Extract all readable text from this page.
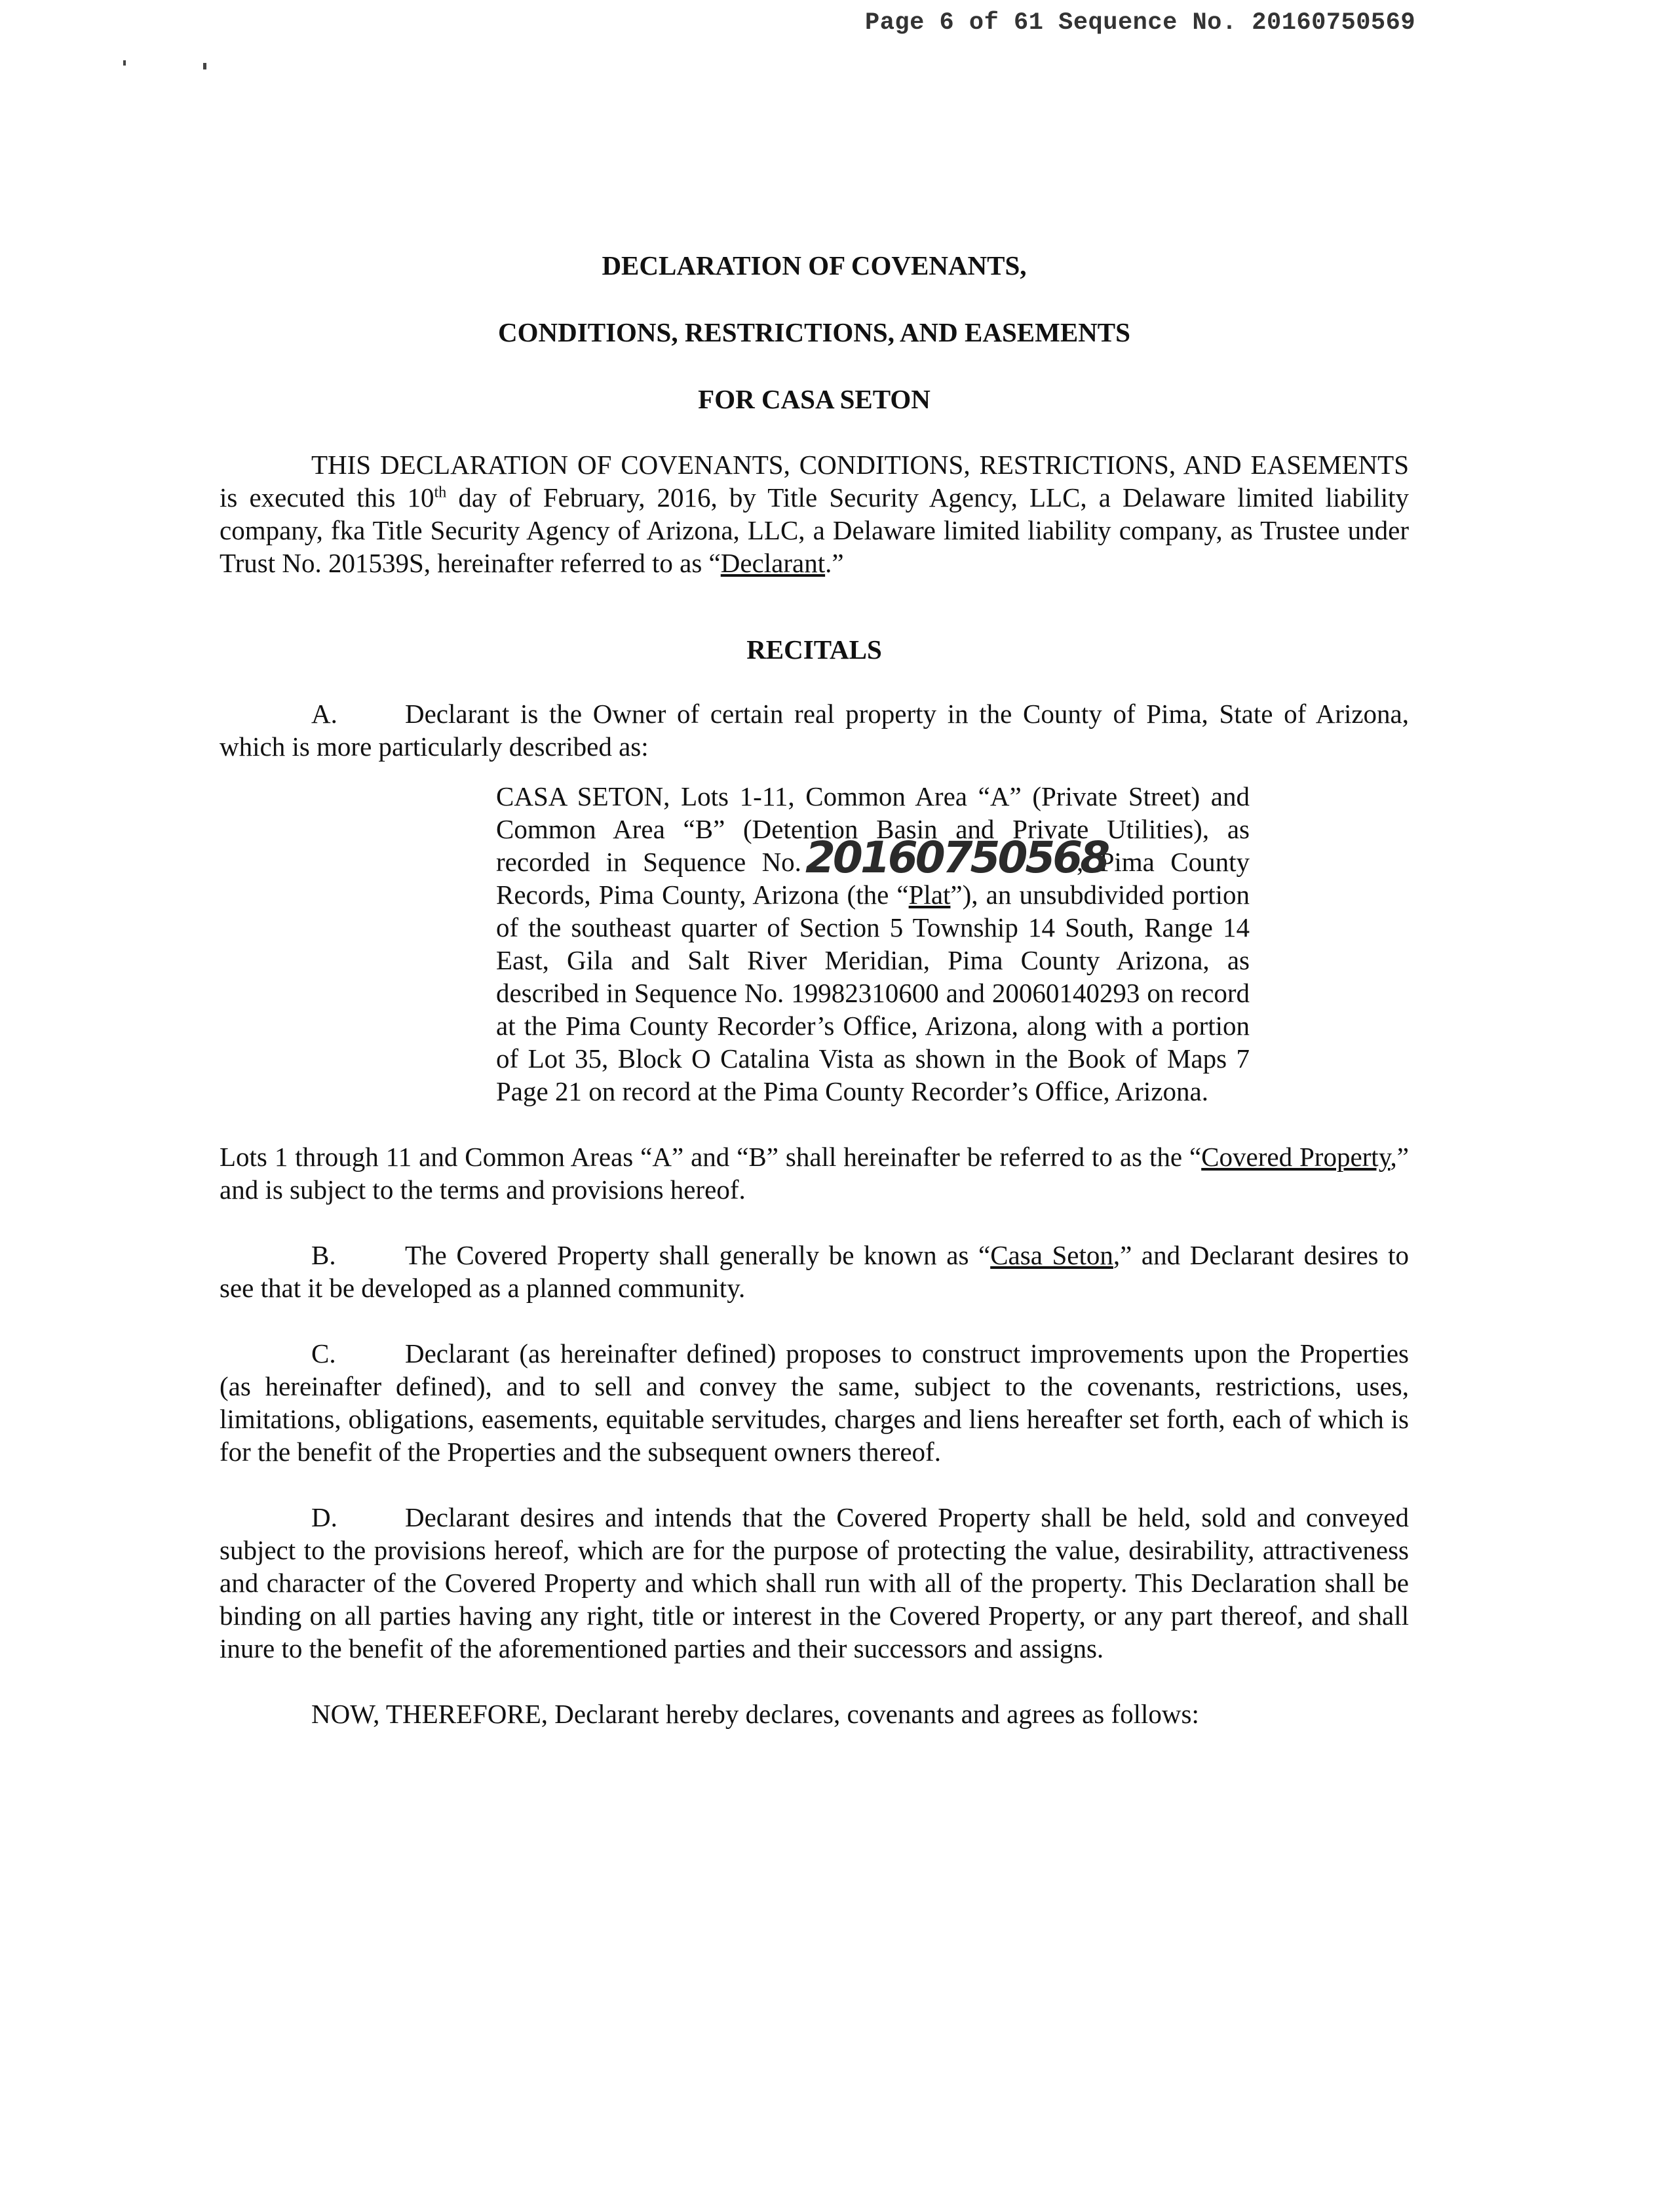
Page 6 of 61 Sequence No. 20160750569

DECLARATION OF COVENANTS,

CONDITIONS, RESTRICTIONS, AND EASEMENTS

FOR CASA SETON

THIS DECLARATION OF COVENANTS, CONDITIONS, RESTRICTIONS, AND EASEMENTS is executed this 10th day of February, 2016, by Title Security Agency, LLC, a Delaware limited liability company, fka Title Security Agency of Arizona, LLC, a Delaware limited liability company, as Trustee under Trust No. 201539S, hereinafter referred to as “Declarant.”

RECITALS

A.	Declarant is the Owner of certain real property in the County of Pima, State of Arizona, which is more particularly described as:

CASA SETON, Lots 1-11, Common Area “A” (Private Street) and Common Area “B” (Detention Basin and Private Utilities), as recorded in Sequence No. 20160750568
, Pima County Records, Pima County, Arizona (the “Plat”), an unsubdivided portion of the southeast quarter of Section 5 Township 14 South, Range 14 East, Gila and Salt River Meridian, Pima County Arizona, as described in Sequence No. 19982310600 and 20060140293 on record at the Pima County Recorder’s Office, Arizona, along with a portion of Lot 35, Block O Catalina Vista as shown in the Book of Maps 7 Page 21 on record at the Pima County Recorder’s Office, Arizona.

Lots 1 through 11 and Common Areas “A” and “B” shall hereinafter be referred to as the “Covered Property,” and is subject to the terms and provisions hereof.

B.	The Covered Property shall generally be known as “Casa Seton,” and Declarant desires to see that it be developed as a planned community.

C.	Declarant (as hereinafter defined) proposes to construct improvements upon the Properties (as hereinafter defined), and to sell and convey the same, subject to the covenants, restrictions, uses, limitations, obligations, easements, equitable servitudes, charges and liens hereafter set forth, each of which is for the benefit of the Properties and the subsequent owners thereof.

D.	Declarant desires and intends that the Covered Property shall be held, sold and conveyed subject to the provisions hereof, which are for the purpose of protecting the value, desirability, attractiveness and character of the Covered Property and which shall run with all of the property. This Declaration shall be binding on all parties having any right, title or interest in the Covered Property, or any part thereof, and shall inure to the benefit of the aforementioned parties and their successors and assigns.

NOW, THEREFORE, Declarant hereby declares, covenants and agrees as follows:
